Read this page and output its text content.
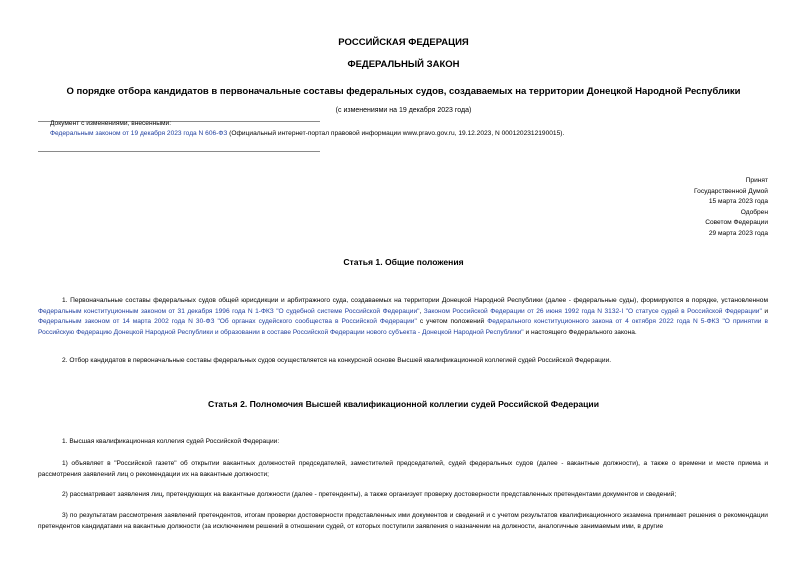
РОССИЙСКАЯ ФЕДЕРАЦИЯ
ФЕДЕРАЛЬНЫЙ ЗАКОН
О порядке отбора кандидатов в первоначальные составы федеральных судов, создаваемых на территории Донецкой Народной Республики
(с изменениями на 19 декабря 2023 года)
Документ с изменениями, внесенными:
Федеральным законом от 19 декабря 2023 года N 606-ФЗ (Официальный интернет-портал правовой информации www.pravo.gov.ru, 19.12.2023, N 0001202312190015).
Принят
Государственной Думой
15 марта 2023 года
Одобрен
Советом Федерации
29 марта 2023 года
Статья 1. Общие положения
1. Первоначальные составы федеральных судов общей юрисдикции и арбитражного суда, создаваемых на территории Донецкой Народной Республики (далее - федеральные суды), формируются в порядке, установленном Федеральным конституционным законом от 31 декабря 1996 года N 1-ФКЗ "О судебной системе Российской Федерации", Законом Российской Федерации от 26 июня 1992 года N 3132-I "О статусе судей в Российской Федерации" и Федеральным законом от 14 марта 2002 года N 30-ФЗ "Об органах судейского сообщества в Российской Федерации" с учетом положений Федерального конституционного закона от 4 октября 2022 года N 5-ФКЗ "О принятии в Российскую Федерацию Донецкой Народной Республики и образовании в составе Российской Федерации нового субъекта - Донецкой Народной Республики" и настоящего Федерального закона.
2. Отбор кандидатов в первоначальные составы федеральных судов осуществляется на конкурсной основе Высшей квалификационной коллегией судей Российской Федерации.
Статья 2. Полномочия Высшей квалификационной коллегии судей Российской Федерации
1. Высшая квалификационная коллегия судей Российской Федерации:
1) объявляет в "Российской газете" об открытии вакантных должностей председателей, заместителей председателей, судей федеральных судов (далее - вакантные должности), а также о времени и месте приема и рассмотрения заявлений лиц о рекомендации их на вакантные должности;
2) рассматривает заявления лиц, претендующих на вакантные должности (далее - претенденты), а также организует проверку достоверности представленных претендентами документов и сведений;
3) по результатам рассмотрения заявлений претендентов, итогам проверки достоверности представленных ими документов и сведений и с учетом результатов квалификационного экзамена принимает решения о рекомендации претендентов кандидатами на вакантные должности (за исключением решений в отношении судей, от которых поступили заявления о назначении на должности, аналогичные занимаемым ими, в другие
